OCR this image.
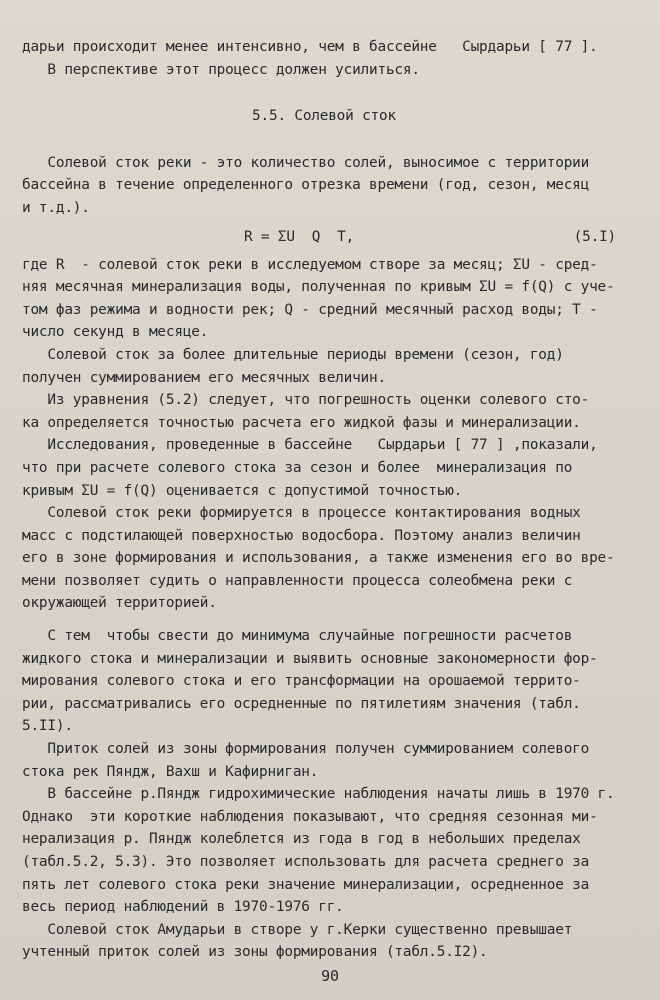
дарьи происходит менее интенсивно, чем в бассейне   Сырдарьи [ 77 ].
В перспективе этот процесс должен усилиться.
5.5. Солевой сток
Солевой сток реки - это количество солей, выносимое с территории
бассейна в течение определенного отрезка времени (год, сезон, месяц
и т.д.).
R = ΣU  Q  T,	(5.I)
где R  - солевой сток реки в исследуемом створе за месяц; ΣU - сред-
няя месячная минерализация воды, полученная по кривым ΣU = f(Q) с уче-
том фаз режима и водности рек; Q - средний месячный расход воды; T -
число секунд в месяце.
Солевой сток за более длительные периоды времени (сезон, год)
получен суммированием его месячных величин.
Из уравнения (5.2) следует, что погрешность оценки солевого сто-
ка определяется точностью расчета его жидкой фазы и минерализации.
Исследования, проведенные в бассейне   Сырдарьи [ 77 ] ,показали,
что при расчете солевого стока за сезон и более  минерализация по
кривым ΣU = f(Q) оценивается с допустимой точностью.
Солевой сток реки формируется в процессе контактирования водных
масс с подстилающей поверхностью водосбора. Поэтому анализ величин
его в зоне формирования и использования, а также изменения его во вре-
мени позволяет судить о направленности процесса солеобмена реки с
окружающей территорией.
С тем  чтобы свести до минимума случайные погрешности расчетов
жидкого стока и минерализации и выявить основные закономерности фор-
мирования солевого стока и его трансформации на орошаемой террито-
рии, рассматривались его осредненные по пятилетиям значения (табл.
5.II).
Приток солей из зоны формирования получен суммированием солевого
стока рек Пяндж, Вахш и Кафирниган.
В бассейне р.Пяндж гидрохимические наблюдения начаты лишь в 1970 г.
Однако  эти короткие наблюдения показывают, что средняя сезонная ми-
нерализация р. Пяндж колеблется из года в год в небольших пределах
(табл.5.2, 5.3). Это позволяет использовать для расчета среднего за
пять лет солевого стока реки значение минерализации, осредненное за
весь период наблюдений в 1970-1976 гг.
Солевой сток Амударьи в створе у г.Керки существенно превышает
учтенный приток солей из зоны формирования (табл.5.I2).
90
